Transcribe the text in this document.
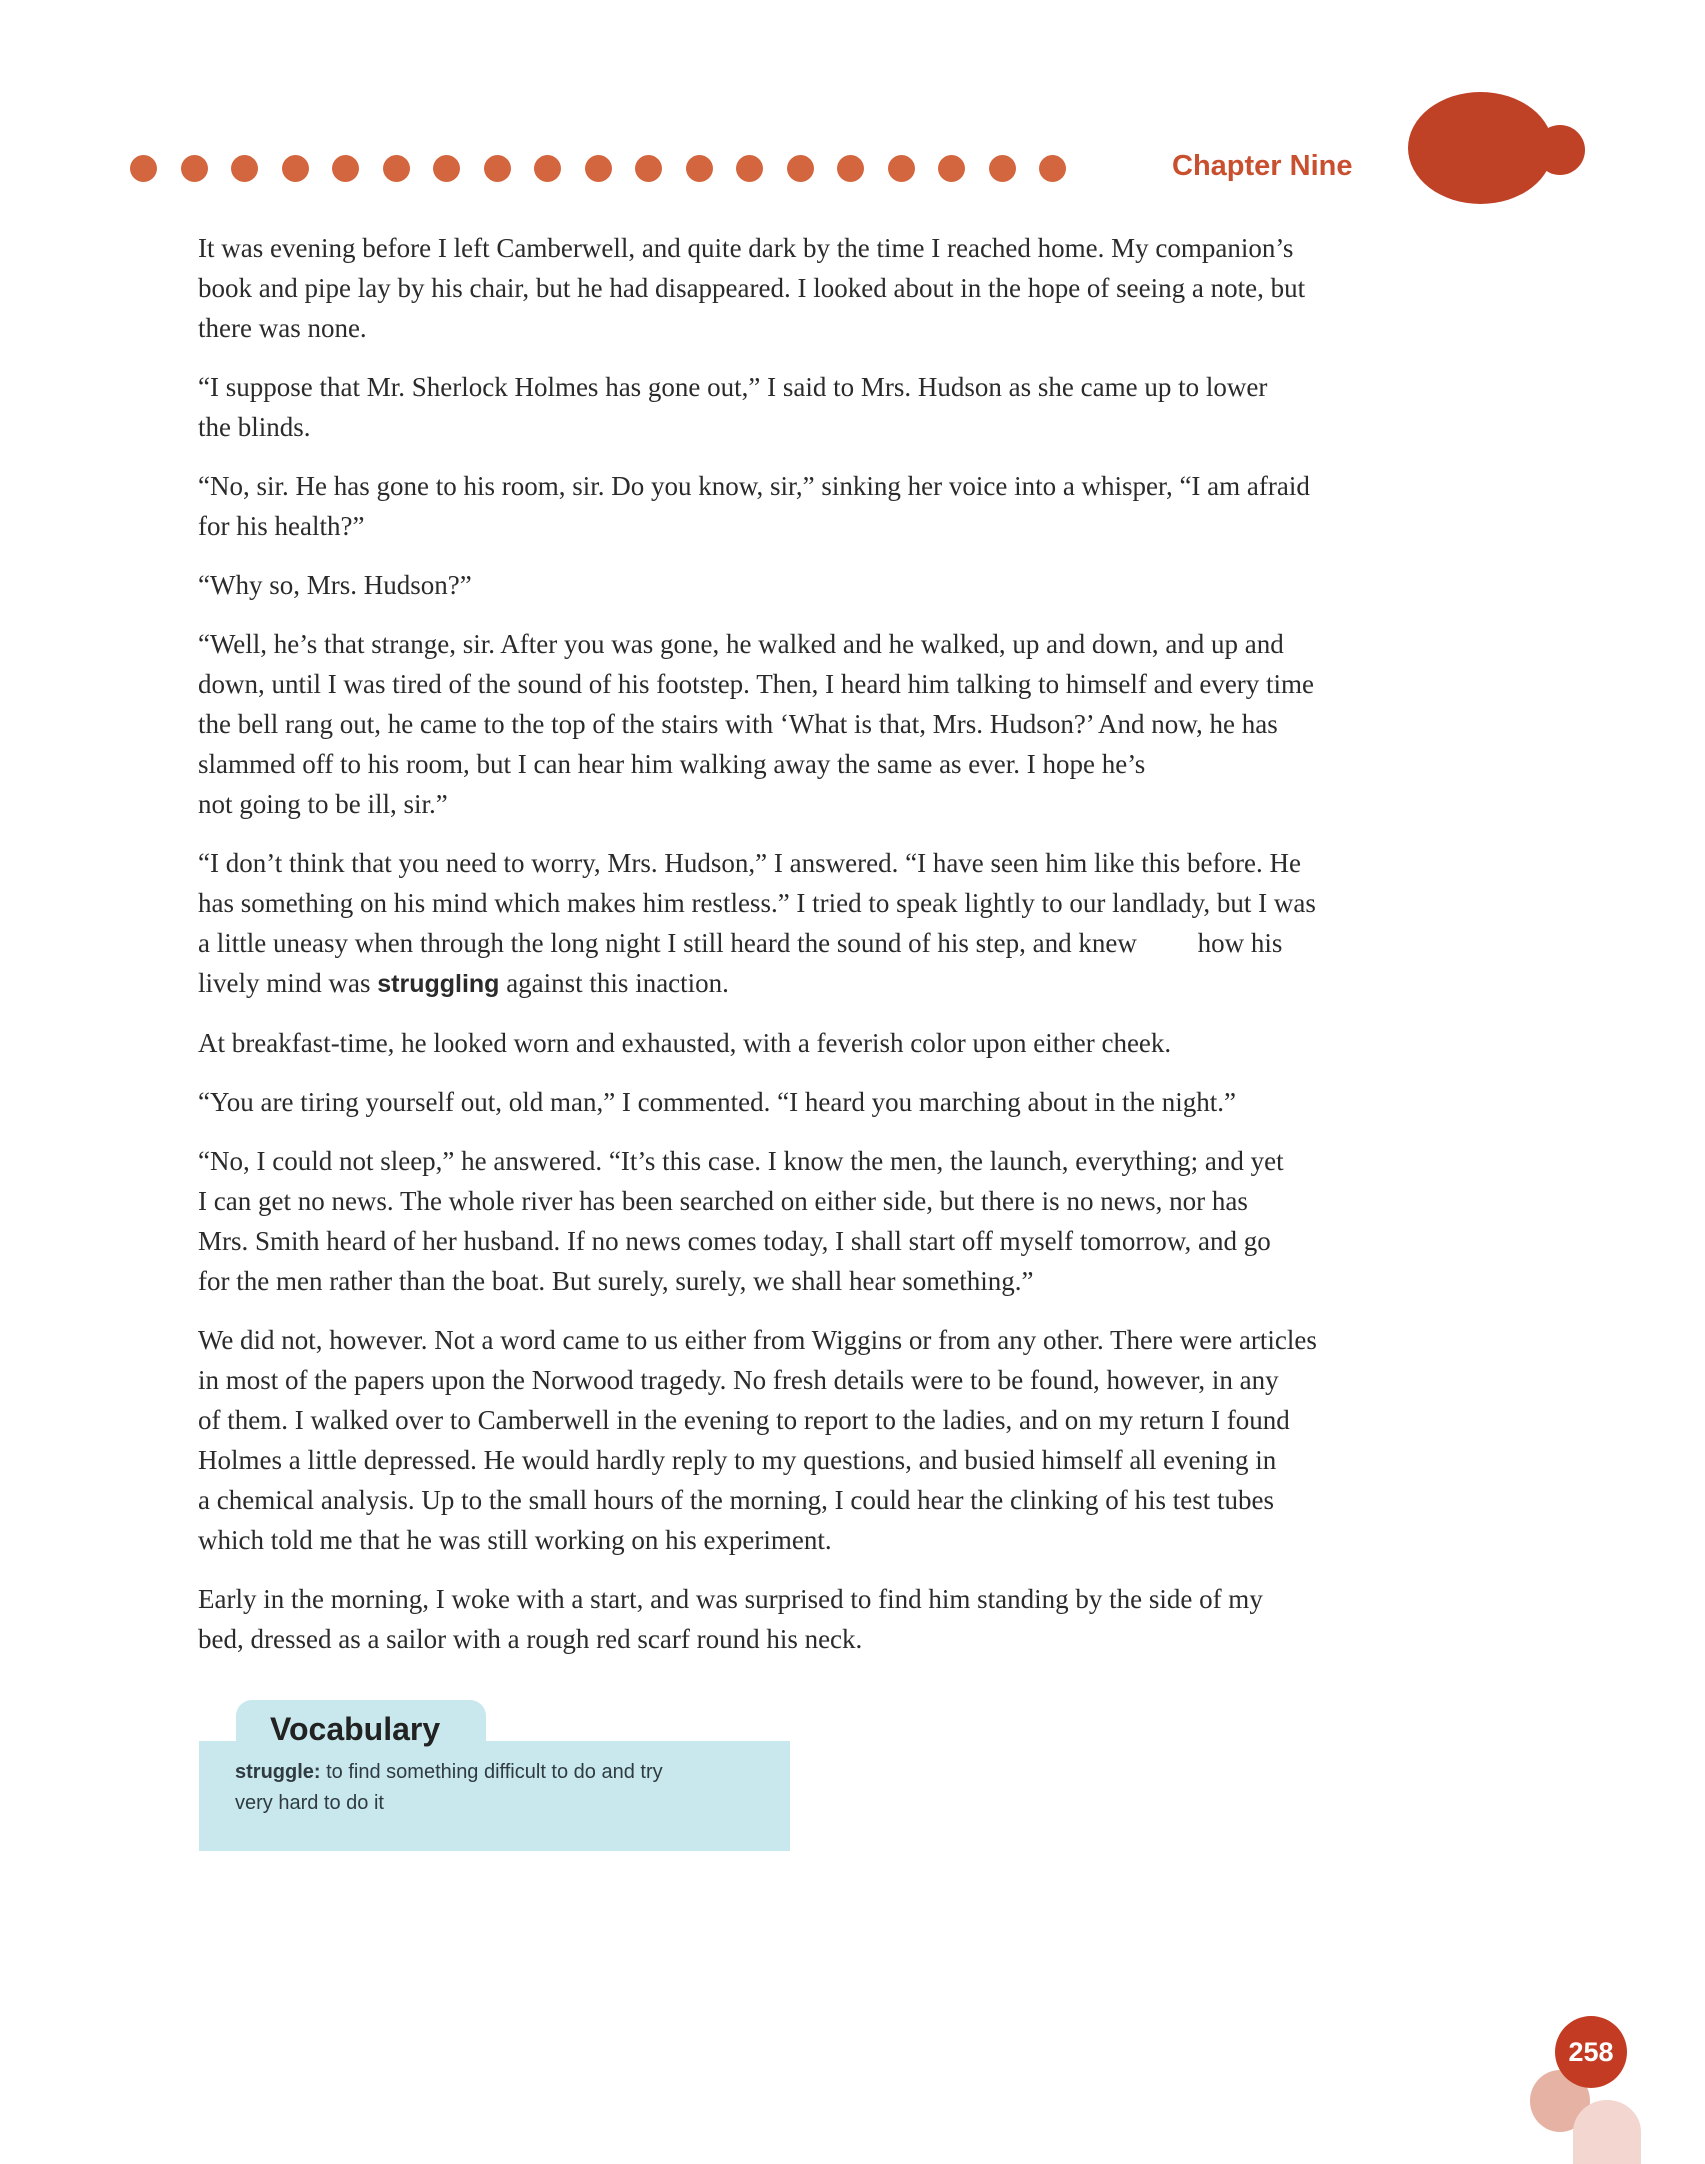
Chapter Nine

It was evening before I left Camberwell, and quite dark by the time I reached home. My companion’s
book and pipe lay by his chair, but he had disappeared. I looked about in the hope of seeing a note, but
there was none.

“I suppose that Mr. Sherlock Holmes has gone out,” I said to Mrs. Hudson as she came up to lower
the blinds.

“No, sir. He has gone to his room, sir. Do you know, sir,” sinking her voice into a whisper, “I am afraid
for his health?”

“Why so, Mrs. Hudson?”

“Well, he’s that strange, sir. After you was gone, he walked and he walked, up and down, and up and
down, until I was tired of the sound of his footstep. Then, I heard him talking to himself and every time
the bell rang out, he came to the top of the stairs with ‘What is that, Mrs. Hudson?’ And now, he has
slammed off to his room, but I can hear him walking away the same as ever. I hope he’s
not going to be ill, sir.”

“I don’t think that you need to worry, Mrs. Hudson,” I answered. “I have seen him like this before. He
has something on his mind which makes him restless.” I tried to speak lightly to our landlady, but I was
a little uneasy when through the long night I still heard the sound of his step, and knew         how his
lively mind was struggling against this inaction.

At breakfast-time, he looked worn and exhausted, with a feverish color upon either cheek.

“You are tiring yourself out, old man,” I commented. “I heard you marching about in the night.”

“No, I could not sleep,” he answered. “It’s this case. I know the men, the launch, everything; and yet
I can get no news. The whole river has been searched on either side, but there is no news, nor has
Mrs. Smith heard of her husband. If no news comes today, I shall start off myself tomorrow, and go
for the men rather than the boat. But surely, surely, we shall hear something.”

We did not, however. Not a word came to us either from Wiggins or from any other. There were articles
in most of the papers upon the Norwood tragedy. No fresh details were to be found, however, in any
of them. I walked over to Camberwell in the evening to report to the ladies, and on my return I found
Holmes a little depressed. He would hardly reply to my questions, and busied himself all evening in
a chemical analysis. Up to the small hours of the morning, I could hear the clinking of his test tubes
which told me that he was still working on his experiment.

Early in the morning, I woke with a start, and was surprised to find him standing by the side of my
bed, dressed as a sailor with a rough red scarf round his neck.

Vocabulary
struggle: to find something difficult to do and try
very hard to do it
258
